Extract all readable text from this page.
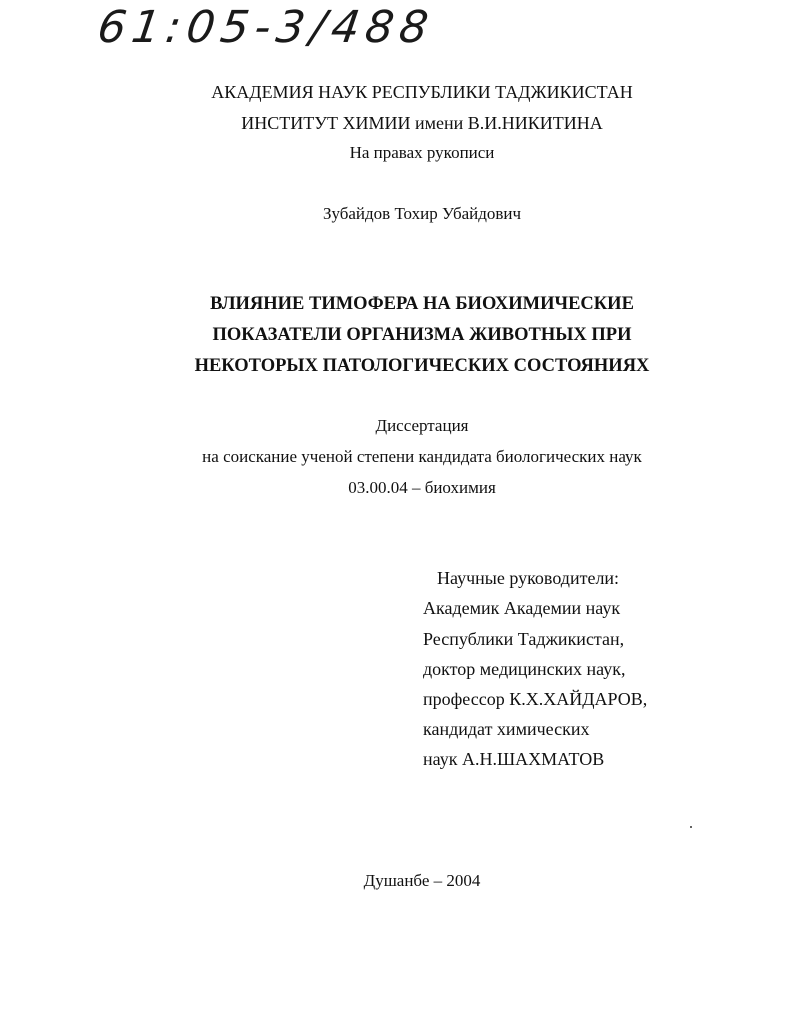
61:05-3/488
АКАДЕМИЯ НАУК РЕСПУБЛИКИ ТАДЖИКИСТАН
ИНСТИТУТ ХИМИИ имени В.И.НИКИТИНА
На правах рукописи
Зубайдов Тохир Убайдович
ВЛИЯНИЕ ТИМОФЕРА НА БИОХИМИЧЕСКИЕ
ПОКАЗАТЕЛИ ОРГАНИЗМА ЖИВОТНЫХ ПРИ
НЕКОТОРЫХ ПАТОЛОГИЧЕСКИХ СОСТОЯНИЯХ
Диссертация
на соискание ученой степени кандидата биологических наук
03.00.04 – биохимия
Научные руководители:
Академик Академии наук
Республики Таджикистан,
доктор медицинских наук,
профессор К.Х.ХАЙДАРОВ,
кандидат химических
наук А.Н.ШАХМАТОВ
Душанбе – 2004
